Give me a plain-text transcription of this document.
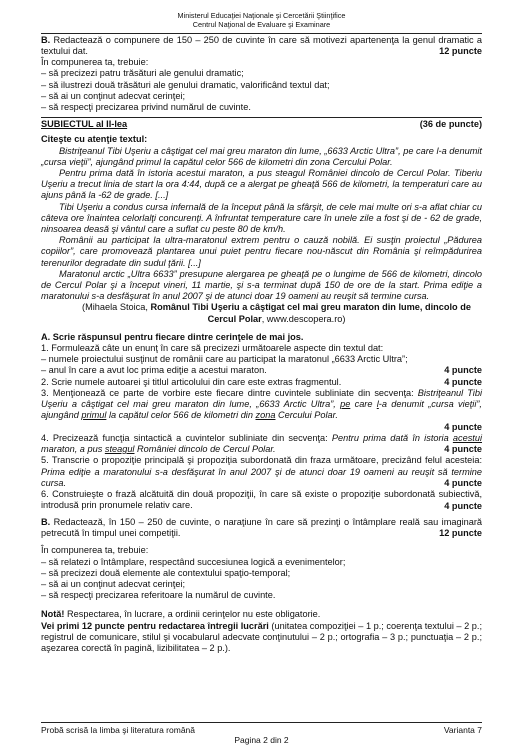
Ministerul Educaţiei Naţionale şi Cercetării Ştiinţifice
Centrul Naţional de Evaluare şi Examinare

B. Redactează o compunere de 150 – 250 de cuvinte în care să motivezi apartenenţa la genul dramatic a textului dat.	12 puncte

În compunerea ta, trebuie:

– să precizezi patru trăsături ale genului dramatic;

– să ilustrezi două trăsături ale genului dramatic, valorificând textul dat;

– să ai un conţinut adecvat cerinţei;

– să respecţi precizarea privind numărul de cuvinte.

SUBIECTUL al II-lea	(36 de puncte)

Citeşte cu atenţie textul:

Bistriţeanul Tibi Uşeriu a câştigat cel mai greu maraton din lume, „6633 Arctic Ultra”, pe care l-a denumit „cursa vieţii”, ajungând primul la capătul celor 566 de kilometri din zona Cercului Polar.

Pentru prima dată în istoria acestui maraton, a pus steagul României dincolo de Cercul Polar. Tiberiu Uşeriu a trecut linia de start la ora 4:44, după ce a alergat pe gheaţă 566 de kilometri, la temperaturi care au ajuns până la -62 de grade. [...]

Tibi Uşeriu a condus cursa infernală de la început până la sfârşit, de cele mai multe ori s-a aflat chiar cu câteva ore înaintea celorlalţi concurenţi. A înfruntat temperature care în unele zile a fost şi de - 62 de grade, ninsoarea deasă şi vântul care a suflat cu peste 80 de km/h.

Românii au participat la ultra-maratonul extrem pentru o cauză nobilă. Ei susţin proiectul „Pădurea copiilor”, care promovează plantarea unui puiet pentru fiecare nou-născut din România şi reîmpădurirea terenurilor degradate din sudul ţării. [...]

Maratonul arctic „Ultra 6633” presupune alergarea pe gheaţă pe o lungime de 566 de kilometri, dincolo de Cercul Polar şi a început vineri, 11 martie, şi s-a terminat după 150 de ore de la start. Prima ediţie a maratonului s-a desfăşurat în anul 2007 şi de atunci doar 19 oameni au reuşit să termine cursa.

(Mihaela Stoica, Românul Tibi Uşeriu a câştigat cel mai greu maraton din lume, dincolo de Cercul Polar, www.descopera.ro)

A. Scrie răspunsul pentru fiecare dintre cerinţele de mai jos.

1. Formulează câte un enunţ în care să precizezi următoarele aspecte din textul dat:

– numele proiectului susţinut de românii care au participat la maratonul „6633 Arctic Ultra”;

– anul în care a avut loc prima ediţie a acestui maraton.	4 puncte
2. Scrie numele autoarei şi titlul articolului din care este extras fragmentul.	4 puncte

3. Menţionează ce parte de vorbire este fiecare dintre cuvintele subliniate din secvenţa: Bistriţeanul Tibi Uşeriu a câştigat cel mai greu maraton din lume, „6633 Arctic Ultra”, pe care l-a denumit „cursa vieţii”, ajungând primul la capătul celor 566 de kilometri din zona Cercului Polar.

4 puncte

4. Precizează funcţia sintactică a cuvintelor subliniate din secvenţa: Pentru prima dată în istoria acestui maraton, a pus steagul României dincolo de Cercul Polar.	4 puncte

5. Transcrie o propoziţie principală şi propoziţia subordonată din fraza următoare, precizând felul acesteia: Prima ediţie a maratonului s-a desfăşurat în anul 2007 şi de atunci doar 19 oameni au reuşit să termine cursa.	4 puncte

6. Construieşte o frază alcătuită din două propoziţii, în care să existe o propoziţie subordonată subiectivă, introdusă prin pronumele relativ care.	4 puncte

B. Redactează, în 150 – 250 de cuvinte, o naraţiune în care să prezinţi o întâmplare reală sau imaginară petrecută în timpul unei competiţii.	12 puncte

În compunerea ta, trebuie:

– să relatezi o întâmplare, respectând succesiunea logică a evenimentelor;

– să precizezi două elemente ale contextului spaţio-temporal;

– să ai un conţinut adecvat cerinţei;

– să respecţi precizarea referitoare la numărul de cuvinte.

Notă! Respectarea, în lucrare, a ordinii cerinţelor nu este obligatorie.

Vei primi 12 puncte pentru redactarea întregii lucrări (unitatea compoziţiei – 1 p.; coerenţa textului – 2 p.; registrul de comunicare, stilul şi vocabularul adecvate conţinutului – 2 p.; ortografia – 3 p.; punctuaţia – 2 p.; aşezarea corectă în pagină, lizibilitatea – 2 p.).

Probă scrisă la limba şi literatura română	Varianta 7
Pagina 2 din 2
